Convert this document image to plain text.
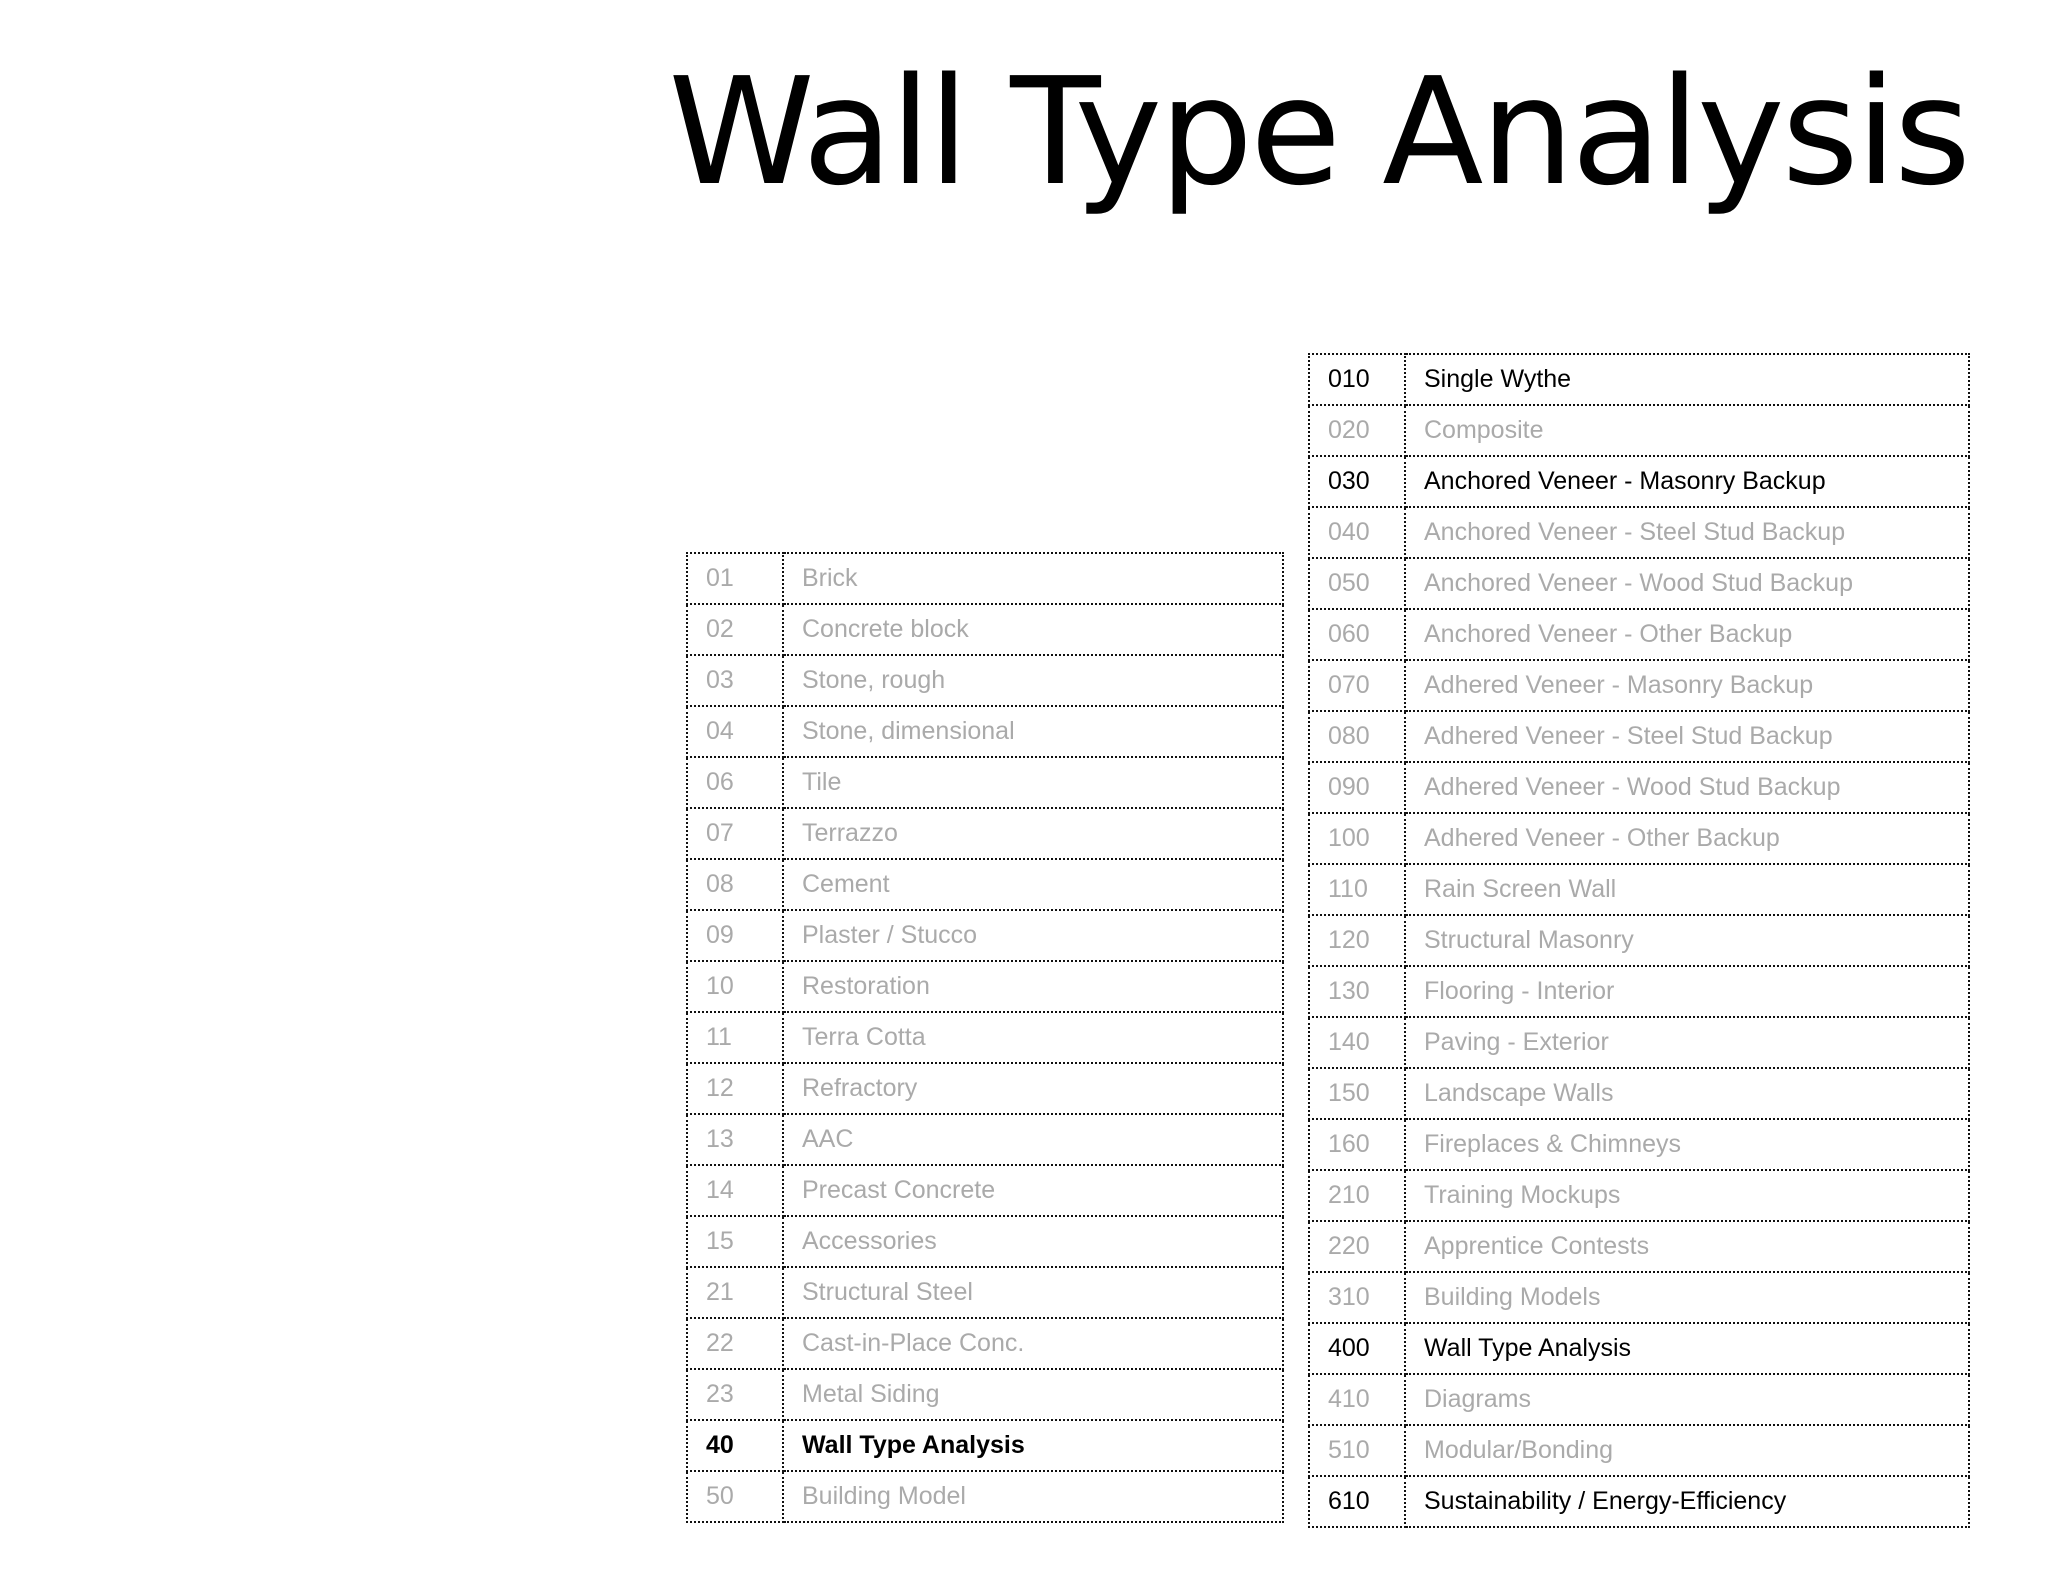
Wall Type Analysis
01	Brick
02	Concrete block
03	Stone, rough
04	Stone, dimensional
06	Tile
07	Terrazzo
08	Cement
09	Plaster / Stucco
10	Restoration
11	Terra Cotta
12	Refractory
13	AAC
14	Precast Concrete
15	Accessories
21	Structural Steel
22	Cast-in-Place Conc.
23	Metal Siding
40	Wall Type Analysis
50	Building Model
010	Single Wythe
020	Composite
030	Anchored Veneer - Masonry Backup
040	Anchored Veneer - Steel Stud Backup
050	Anchored Veneer - Wood Stud Backup
060	Anchored Veneer - Other Backup
070	Adhered Veneer - Masonry Backup
080	Adhered Veneer - Steel Stud Backup
090	Adhered Veneer - Wood Stud Backup
100	Adhered Veneer - Other Backup
110	Rain Screen Wall
120	Structural Masonry
130	Flooring - Interior
140	Paving - Exterior
150	Landscape Walls
160	Fireplaces & Chimneys
210	Training Mockups
220	Apprentice Contests
310	Building Models
400	Wall Type Analysis
410	Diagrams
510	Modular/Bonding
610	Sustainability / Energy-Efficiency
